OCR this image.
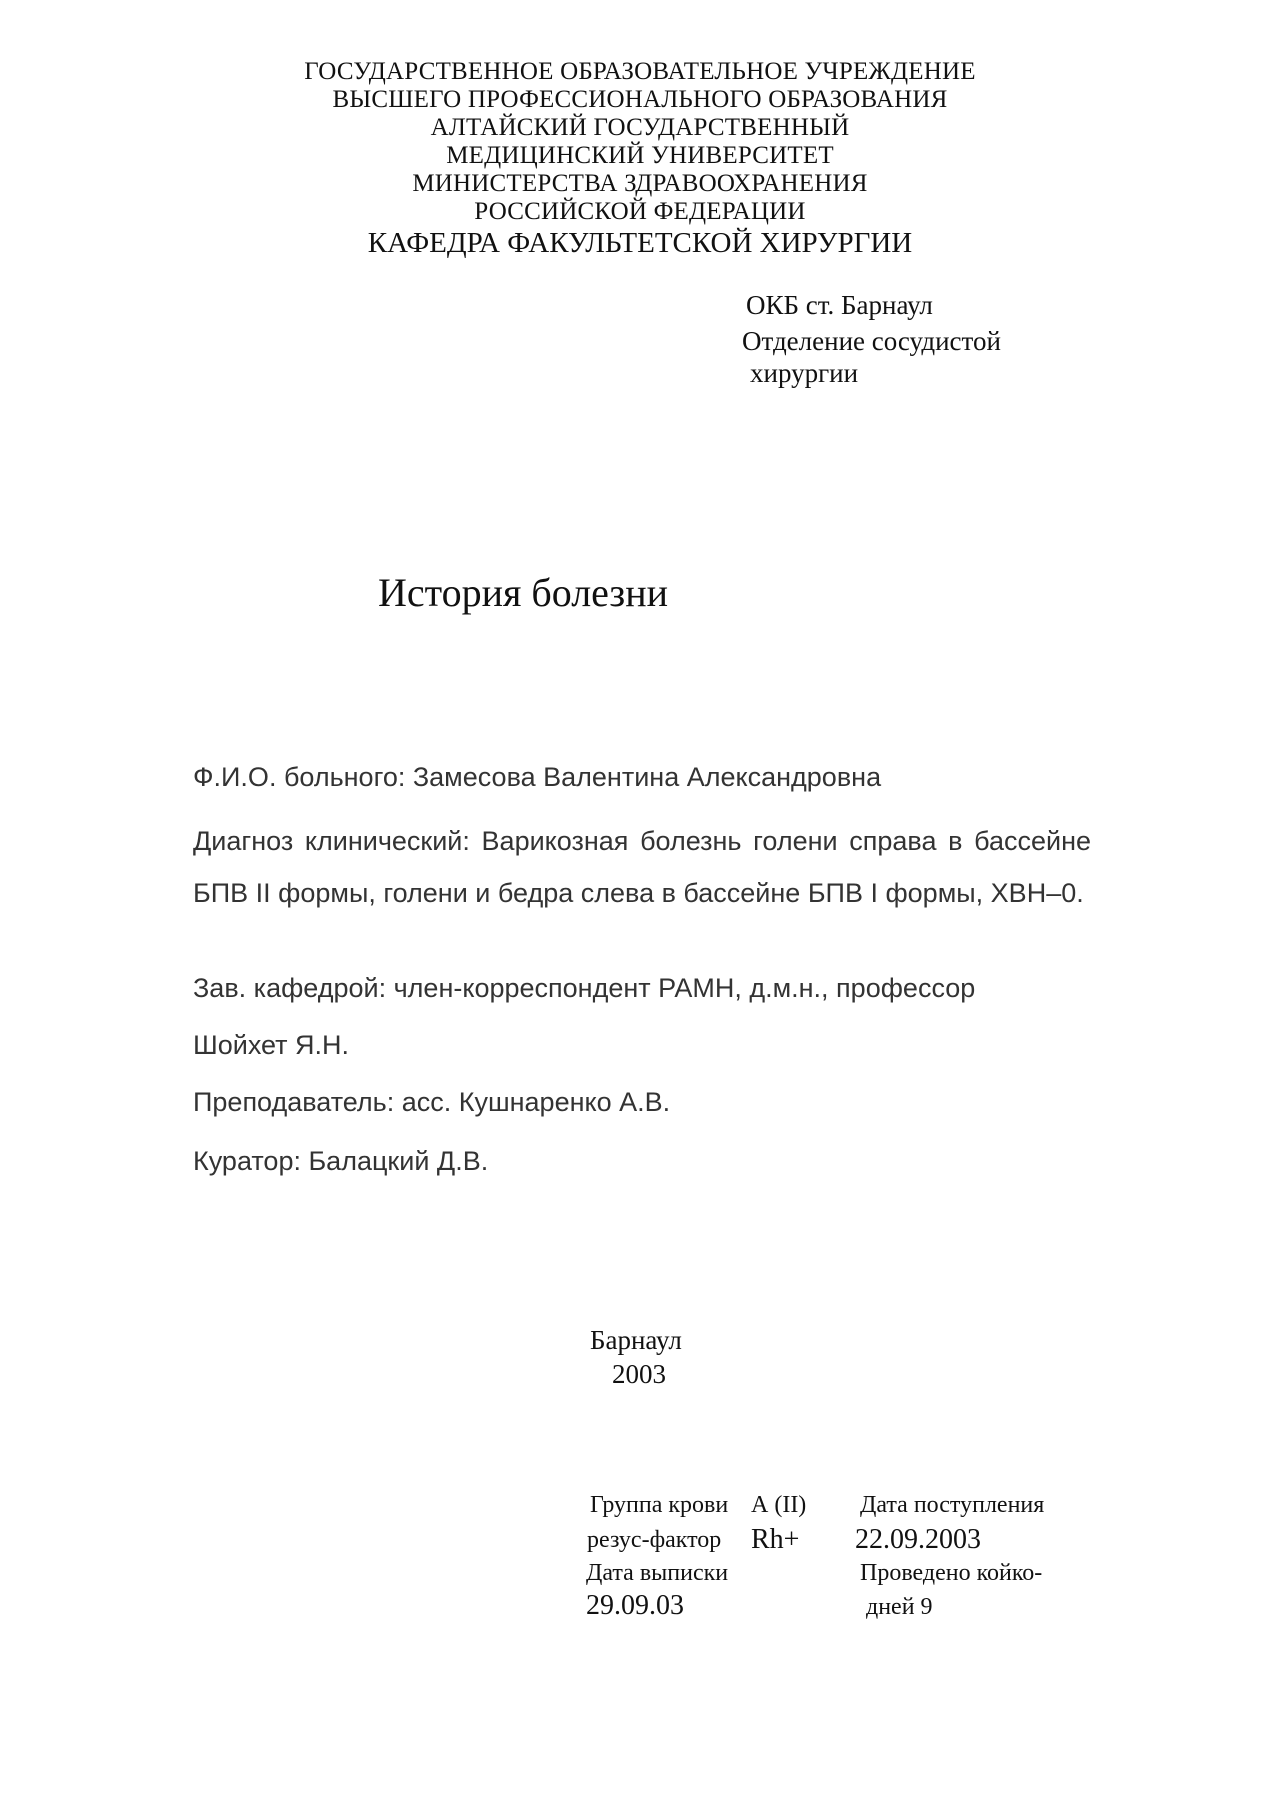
ГОСУДАРСТВЕННОЕ ОБРАЗОВАТЕЛЬНОЕ УЧРЕЖДЕНИЕ
ВЫСШЕГО ПРОФЕССИОНАЛЬНОГО ОБРАЗОВАНИЯ
АЛТАЙСКИЙ ГОСУДАРСТВЕННЫЙ
МЕДИЦИНСКИЙ УНИВЕРСИТЕТ
МИНИСТЕРСТВА ЗДРАВООХРАНЕНИЯ
РОССИЙСКОЙ ФЕДЕРАЦИИ
КАФЕДРА ФАКУЛЬТЕТСКОЙ ХИРУРГИИ
ОКБ ст. Барнаул
Отделение сосудистой
хирургии
История болезни
Ф.И.О. больного: Замесова Валентина Александровна
Диагноз клинический: Варикозная болезнь голени справа в бассейне БПВ II формы, голени и бедра слева в бассейне БПВ I формы, ХВН–0.
Зав. кафедрой: член-корреспондент РАМН, д.м.н., профессор
Шойхет Я.Н.
Преподаватель: асс. Кушнаренко А.В.
Куратор: Балацкий Д.В.
Барнаул
2003
Группа крови А (II) Дата поступления
резус-фактор Rh+ 22.09.2003
Дата выписки	Проведено койко-
29.09.03	дней 9
